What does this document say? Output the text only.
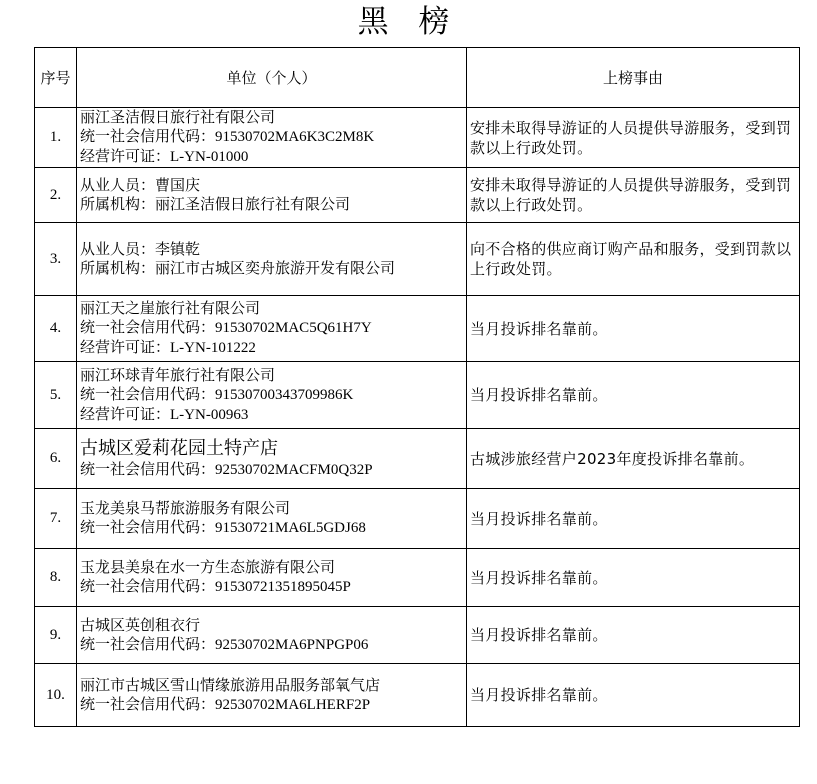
黑 榜
序号	单位（个人）	上榜事由
1.	丽江圣洁假日旅行社有限公司
统一社会信用代码：91530702MA6K3C2M8K
经营许可证：L-YN-01000	安排未取得导游证的人员提供导游服务，受到罚款以上行政处罚。
2.	从业人员：曹国庆
所属机构：丽江圣洁假日旅行社有限公司	安排未取得导游证的人员提供导游服务，受到罚款以上行政处罚。
3.	从业人员：李镇乾
所属机构：丽江市古城区奕舟旅游开发有限公司	向不合格的供应商订购产品和服务，受到罚款以上行政处罚。
4.	丽江天之崖旅行社有限公司
统一社会信用代码：91530702MAC5Q61H7Y
经营许可证：L-YN-101222	当月投诉排名靠前。
5.	丽江环球青年旅行社有限公司
统一社会信用代码：91530700343709986K
经营许可证：L-YN-00963	当月投诉排名靠前。
6.	古城区爱莉花园土特产店
统一社会信用代码：92530702MACFM0Q32P	古城涉旅经营户2023年度投诉排名靠前。
7.	玉龙美泉马帮旅游服务有限公司
统一社会信用代码：91530721MA6L5GDJ68	当月投诉排名靠前。
8.	玉龙县美泉在水一方生态旅游有限公司
统一社会信用代码：91530721351895045P	当月投诉排名靠前。
9.	古城区英创租衣行
统一社会信用代码：92530702MA6PNPGP06	当月投诉排名靠前。
10.	丽江市古城区雪山情缘旅游用品服务部氧气店
统一社会信用代码：92530702MA6LHERF2P	当月投诉排名靠前。
